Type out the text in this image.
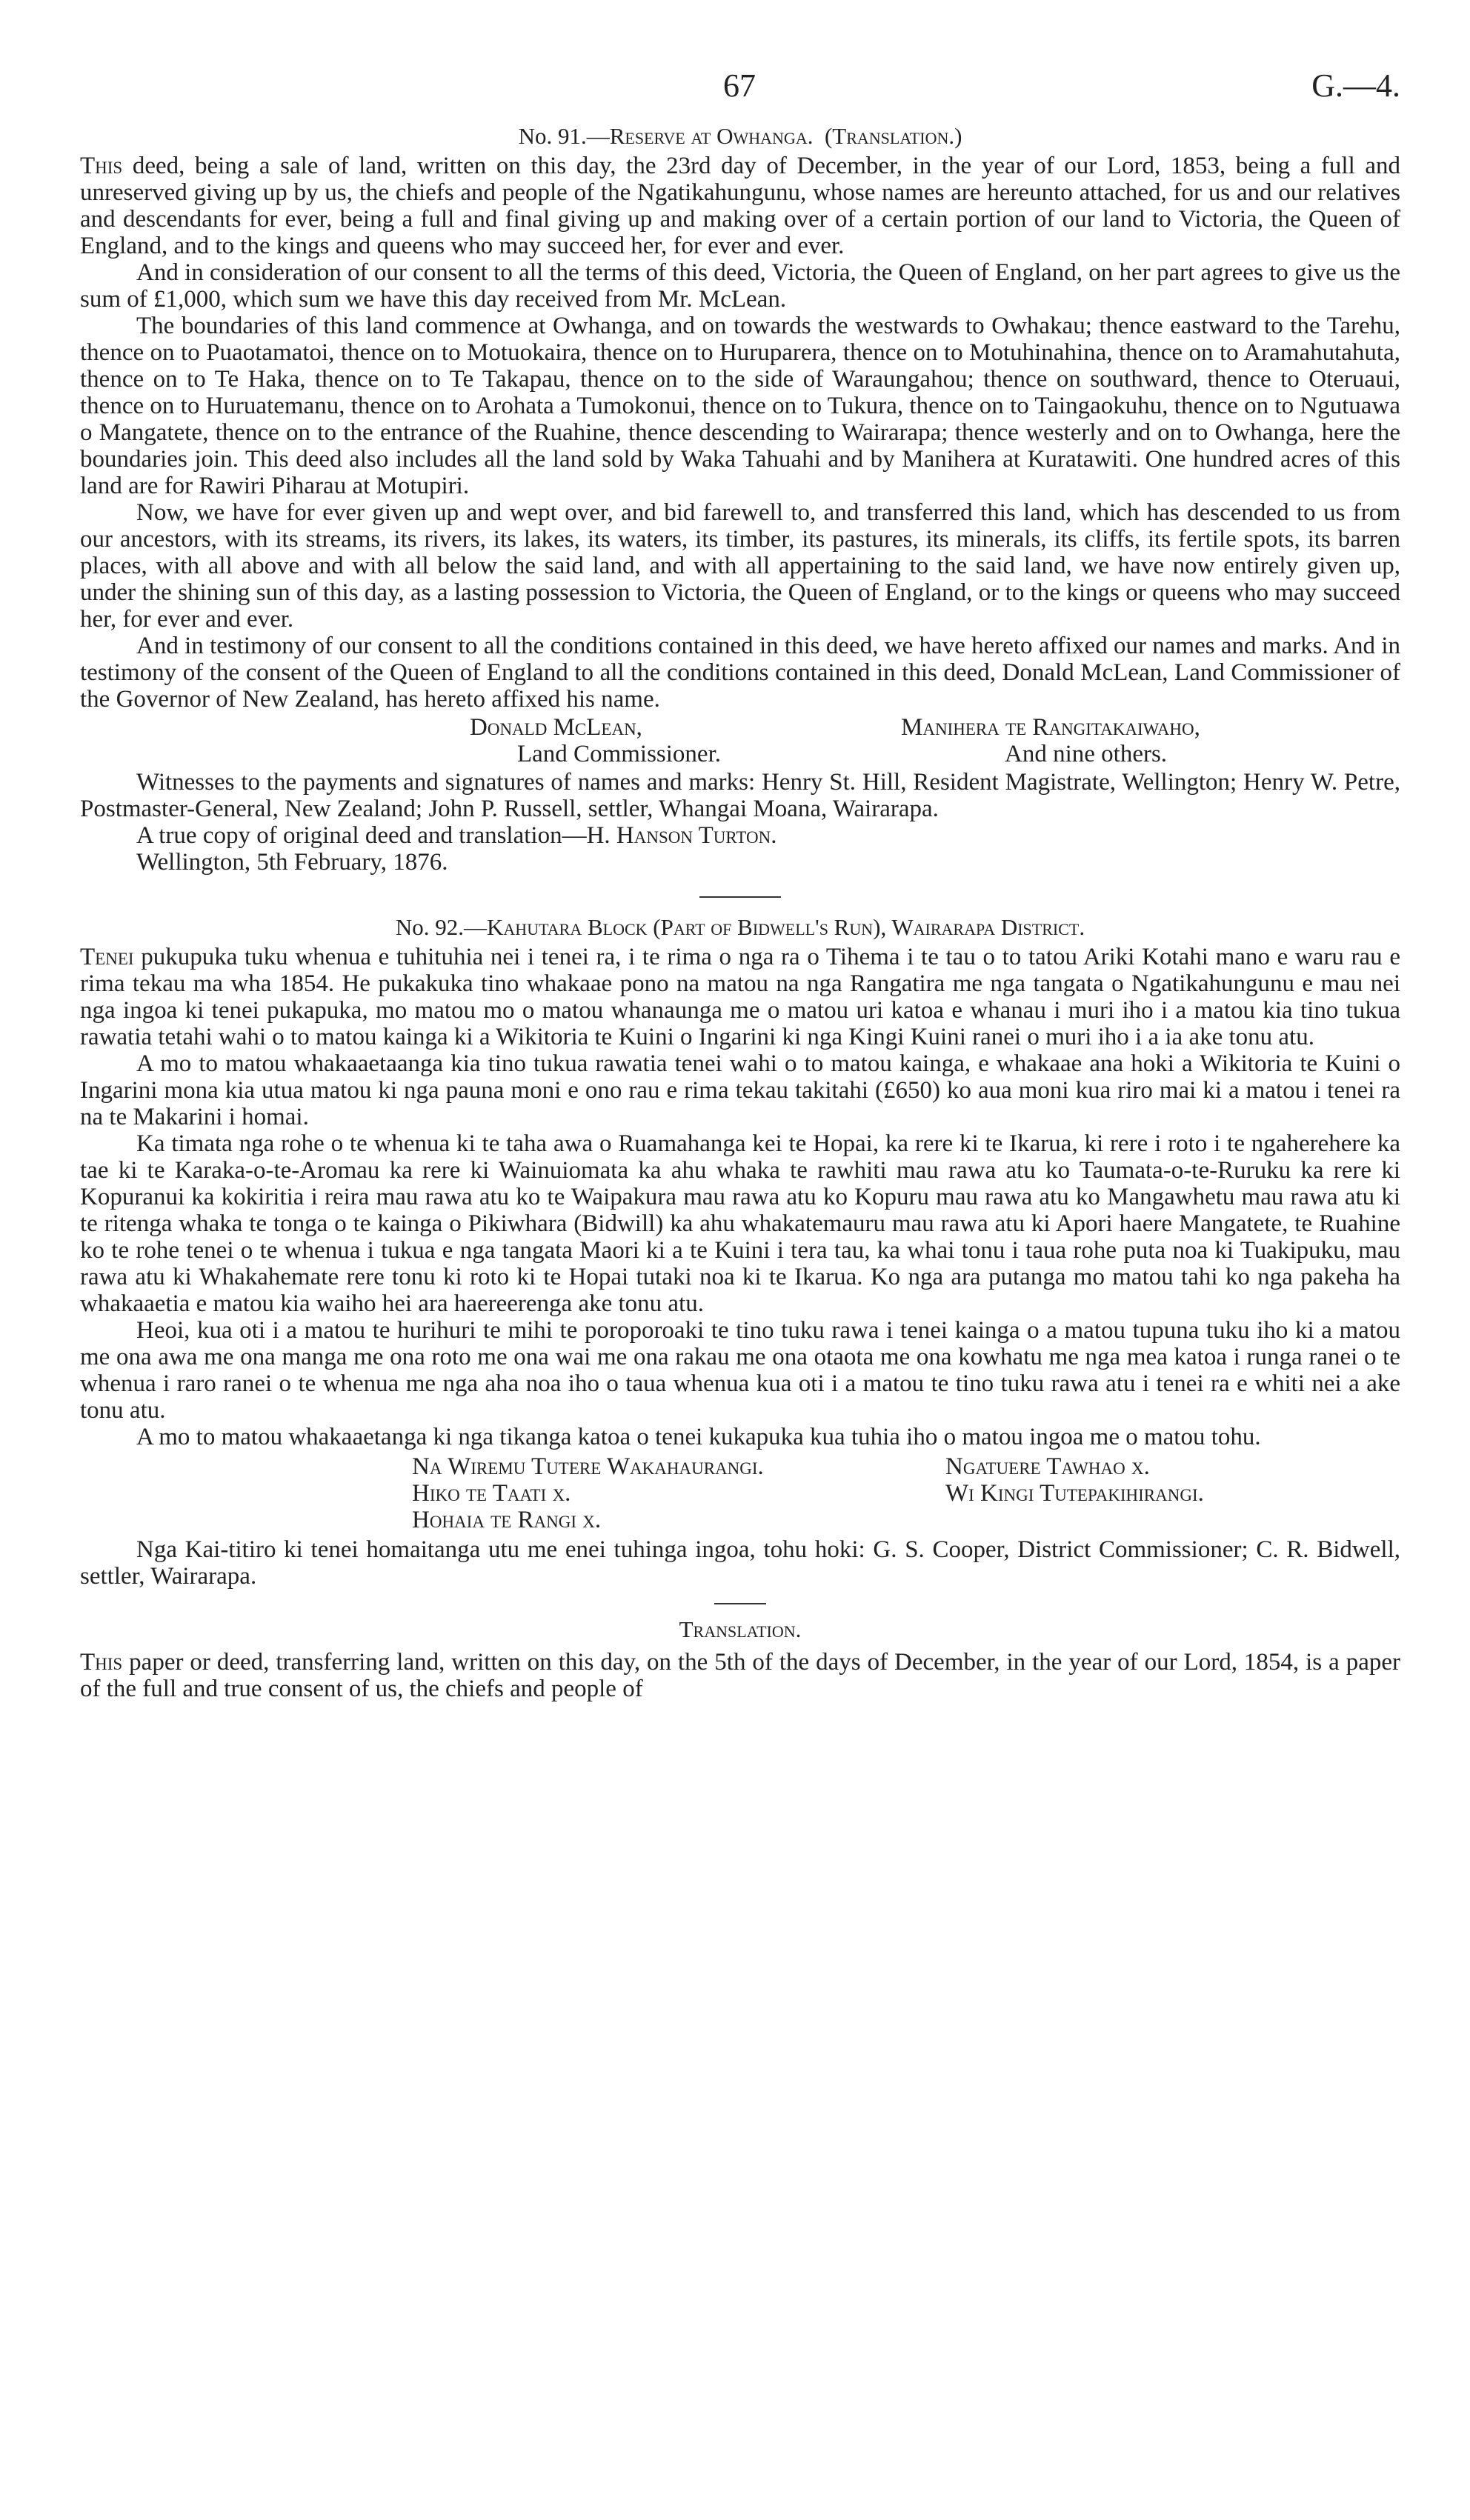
67	G.—4.
No. 91.—Reserve at Owhanga. (Translation.)

This deed, being a sale of land, written on this day, the 23rd day of December, in the year of our Lord, 1853, being a full and unreserved giving up by us, the chiefs and people of the Ngatikahungunu, whose names are hereunto attached, for us and our relatives and descendants for ever, being a full and final giving up and making over of a certain portion of our land to Victoria, the Queen of England, and to the kings and queens who may succeed her, for ever and ever.

And in consideration of our consent to all the terms of this deed, Victoria, the Queen of England, on her part agrees to give us the sum of £1,000, which sum we have this day received from Mr. McLean.

The boundaries of this land commence at Owhanga, and on towards the westwards to Owhakau; thence eastward to the Tarehu, thence on to Puaotamatoi, thence on to Motuokaira, thence on to Huruparera, thence on to Motuhinahina, thence on to Aramahutahuta, thence on to Te Haka, thence on to Te Takapau, thence on to the side of Waraungahou; thence on southward, thence to Oteruaui, thence on to Huruatemanu, thence on to Arohata a Tumokonui, thence on to Tukura, thence on to Taingaokuhu, thence on to Ngutuawa o Mangatete, thence on to the entrance of the Ruahine, thence descending to Wairarapa; thence westerly and on to Owhanga, here the boundaries join. This deed also includes all the land sold by Waka Tahuahi and by Manihera at Kuratawiti. One hundred acres of this land are for Rawiri Piharau at Motupiri.

Now, we have for ever given up and wept over, and bid farewell to, and transferred this land, which has descended to us from our ancestors, with its streams, its rivers, its lakes, its waters, its timber, its pastures, its minerals, its cliffs, its fertile spots, its barren places, with all above and with all below the said land, and with all appertaining to the said land, we have now entirely given up, under the shining sun of this day, as a lasting possession to Victoria, the Queen of England, or to the kings or queens who may succeed her, for ever and ever.

And in testimony of our consent to all the conditions contained in this deed, we have hereto affixed our names and marks. And in testimony of the consent of the Queen of England to all the conditions contained in this deed, Donald McLean, Land Commissioner of the Governor of New Zealand, has hereto affixed his name.

Donald McLean,
Land Commissioner.
Manihera te Rangitakaiwaho,
And nine others.

Witnesses to the payments and signatures of names and marks: Henry St. Hill, Resident Magistrate, Wellington; Henry W. Petre, Postmaster-General, New Zealand; John P. Russell, settler, Whangai Moana, Wairarapa.

A true copy of original deed and translation—H. Hanson Turton.
Wellington, 5th February, 1876.
No. 92.—Kahutara Block (Part of Bidwell's Run), Wairarapa District.

Tenei pukupuka tuku whenua e tuhituhia nei i tenei ra, i te rima o nga ra o Tihema i te tau o to tatou Ariki Kotahi mano e waru rau e rima tekau ma wha 1854. He pukakuka tino whakaae pono na matou na nga Rangatira me nga tangata o Ngatikahungunu e mau nei nga ingoa ki tenei pukapuka, mo matou mo o matou whanaunga me o matou uri katoa e whanau i muri iho i a matou kia tino tukua rawatia tetahi wahi o to matou kainga ki a Wikitoria te Kuini o Ingarini ki nga Kingi Kuini ranei o muri iho i a ia ake tonu atu.

A mo to matou whakaaetaanga kia tino tukua rawatia tenei wahi o to matou kainga, e whakaae ana hoki a Wikitoria te Kuini o Ingarini mona kia utua matou ki nga pauna moni e ono rau e rima tekau takitahi (£650) ko aua moni kua riro mai ki a matou i tenei ra na te Makarini i homai.

Ka timata nga rohe o te whenua ki te taha awa o Ruamahanga kei te Hopai, ka rere ki te Ikarua, ki rere i roto i te ngaherehere ka tae ki te Karaka-o-te-Aromau ka rere ki Wainuiomata ka ahu whaka te rawhiti mau rawa atu ko Taumata-o-te-Ruruku ka rere ki Kopuranui ka kokiritia i reira mau rawa atu ko te Waipakura mau rawa atu ko Kopuru mau rawa atu ko Mangawhetu mau rawa atu ki te ritenga whaka te tonga o te kainga o Pikiwhara (Bidwill) ka ahu whakatemauru mau rawa atu ki Apori haere Mangatete, te Ruahine ko te rohe tenei o te whenua i tukua e nga tangata Maori ki a te Kuini i tera tau, ka whai tonu i taua rohe puta noa ki Tuakipuku, mau rawa atu ki Whakahemate rere tonu ki roto ki te Hopai tutaki noa ki te Ikarua. Ko nga ara putanga mo matou tahi ko nga pakeha ha whakaaetia e matou kia waiho hei ara haereerenga ake tonu atu.

Heoi, kua oti i a matou te hurihuri te mihi te poroporoaki te tino tuku rawa i tenei kainga o a matou tupuna tuku iho ki a matou me ona awa me ona manga me ona roto me ona wai me ona rakau me ona otaota me ona kowhatu me nga mea katoa i runga ranei o te whenua i raro ranei o te whenua me nga aha noa iho o taua whenua kua oti i a matou te tino tuku rawa atu i tenei ra e whiti nei a ake tonu atu.

A mo to matou whakaaetanga ki nga tikanga katoa o tenei kukapuka kua tuhia iho o matou ingoa me o matou tohu.

Na Wiremu Tutere Wakahaurangi.
Hiko te Taati x.
Hohaia te Rangi x.
Ngatuere Tawhao x.
Wi Kingi Tutepakihirangi.

Nga Kai-titiro ki tenei homaitanga utu me enei tuhinga ingoa, tohu hoki: G. S. Cooper, District Commissioner; C. R. Bidwell, settler, Wairarapa.

Translation.

This paper or deed, transferring land, written on this day, on the 5th of the days of December, in the year of our Lord, 1854, is a paper of the full and true consent of us, the chiefs and people of
